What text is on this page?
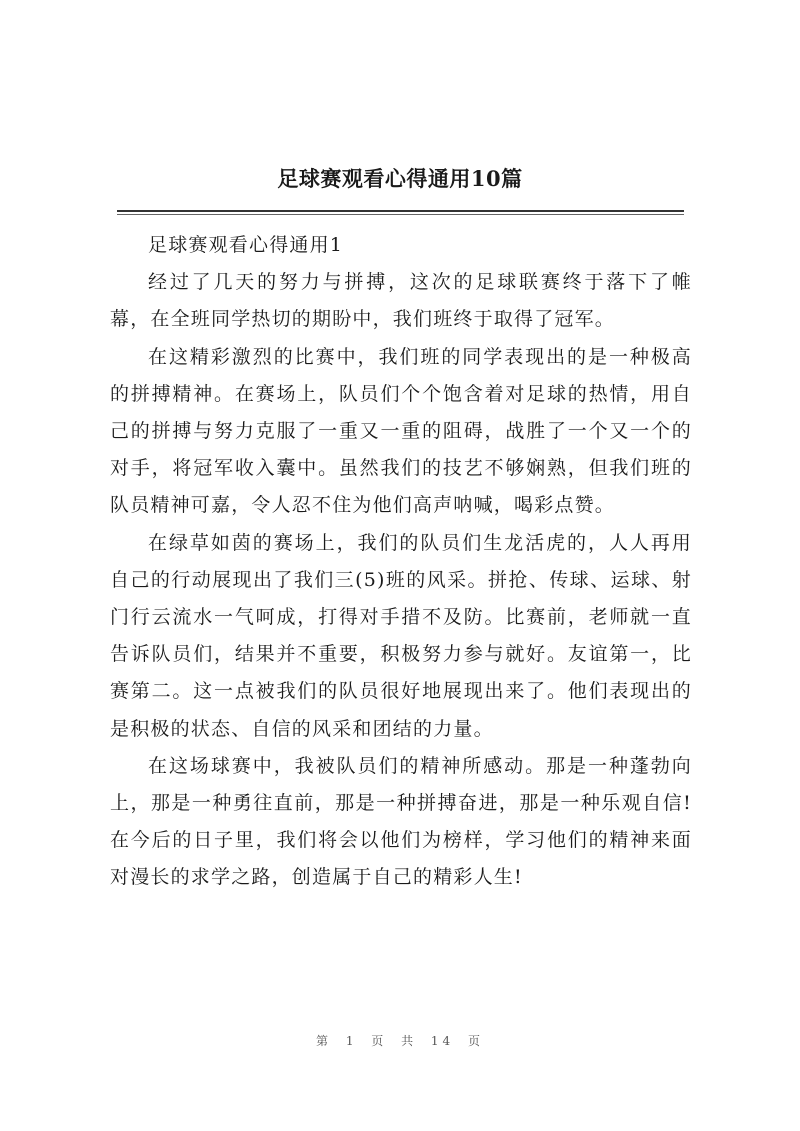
足球赛观看心得通用10篇

足球赛观看心得通用1

经过了几天的努力与拼搏，这次的足球联赛终于落下了帷幕，在全班同学热切的期盼中，我们班终于取得了冠军。

在这精彩激烈的比赛中，我们班的同学表现出的是一种极高的拼搏精神。在赛场上，队员们个个饱含着对足球的热情，用自己的拼搏与努力克服了一重又一重的阻碍，战胜了一个又一个的对手，将冠军收入囊中。虽然我们的技艺不够娴熟，但我们班的队员精神可嘉，令人忍不住为他们高声呐喊，喝彩点赞。

在绿草如茵的赛场上，我们的队员们生龙活虎的，人人再用自己的行动展现出了我们三(5)班的风采。拼抢、传球、运球、射门行云流水一气呵成，打得对手措不及防。比赛前，老师就一直告诉队员们，结果并不重要，积极努力参与就好。友谊第一，比赛第二。这一点被我们的队员很好地展现出来了。他们表现出的是积极的状态、自信的风采和团结的力量。

在这场球赛中，我被队员们的精神所感动。那是一种蓬勃向上，那是一种勇往直前，那是一种拼搏奋进，那是一种乐观自信!在今后的日子里，我们将会以他们为榜样，学习他们的精神来面对漫长的求学之路，创造属于自己的精彩人生!

第 1 页 共 14 页
